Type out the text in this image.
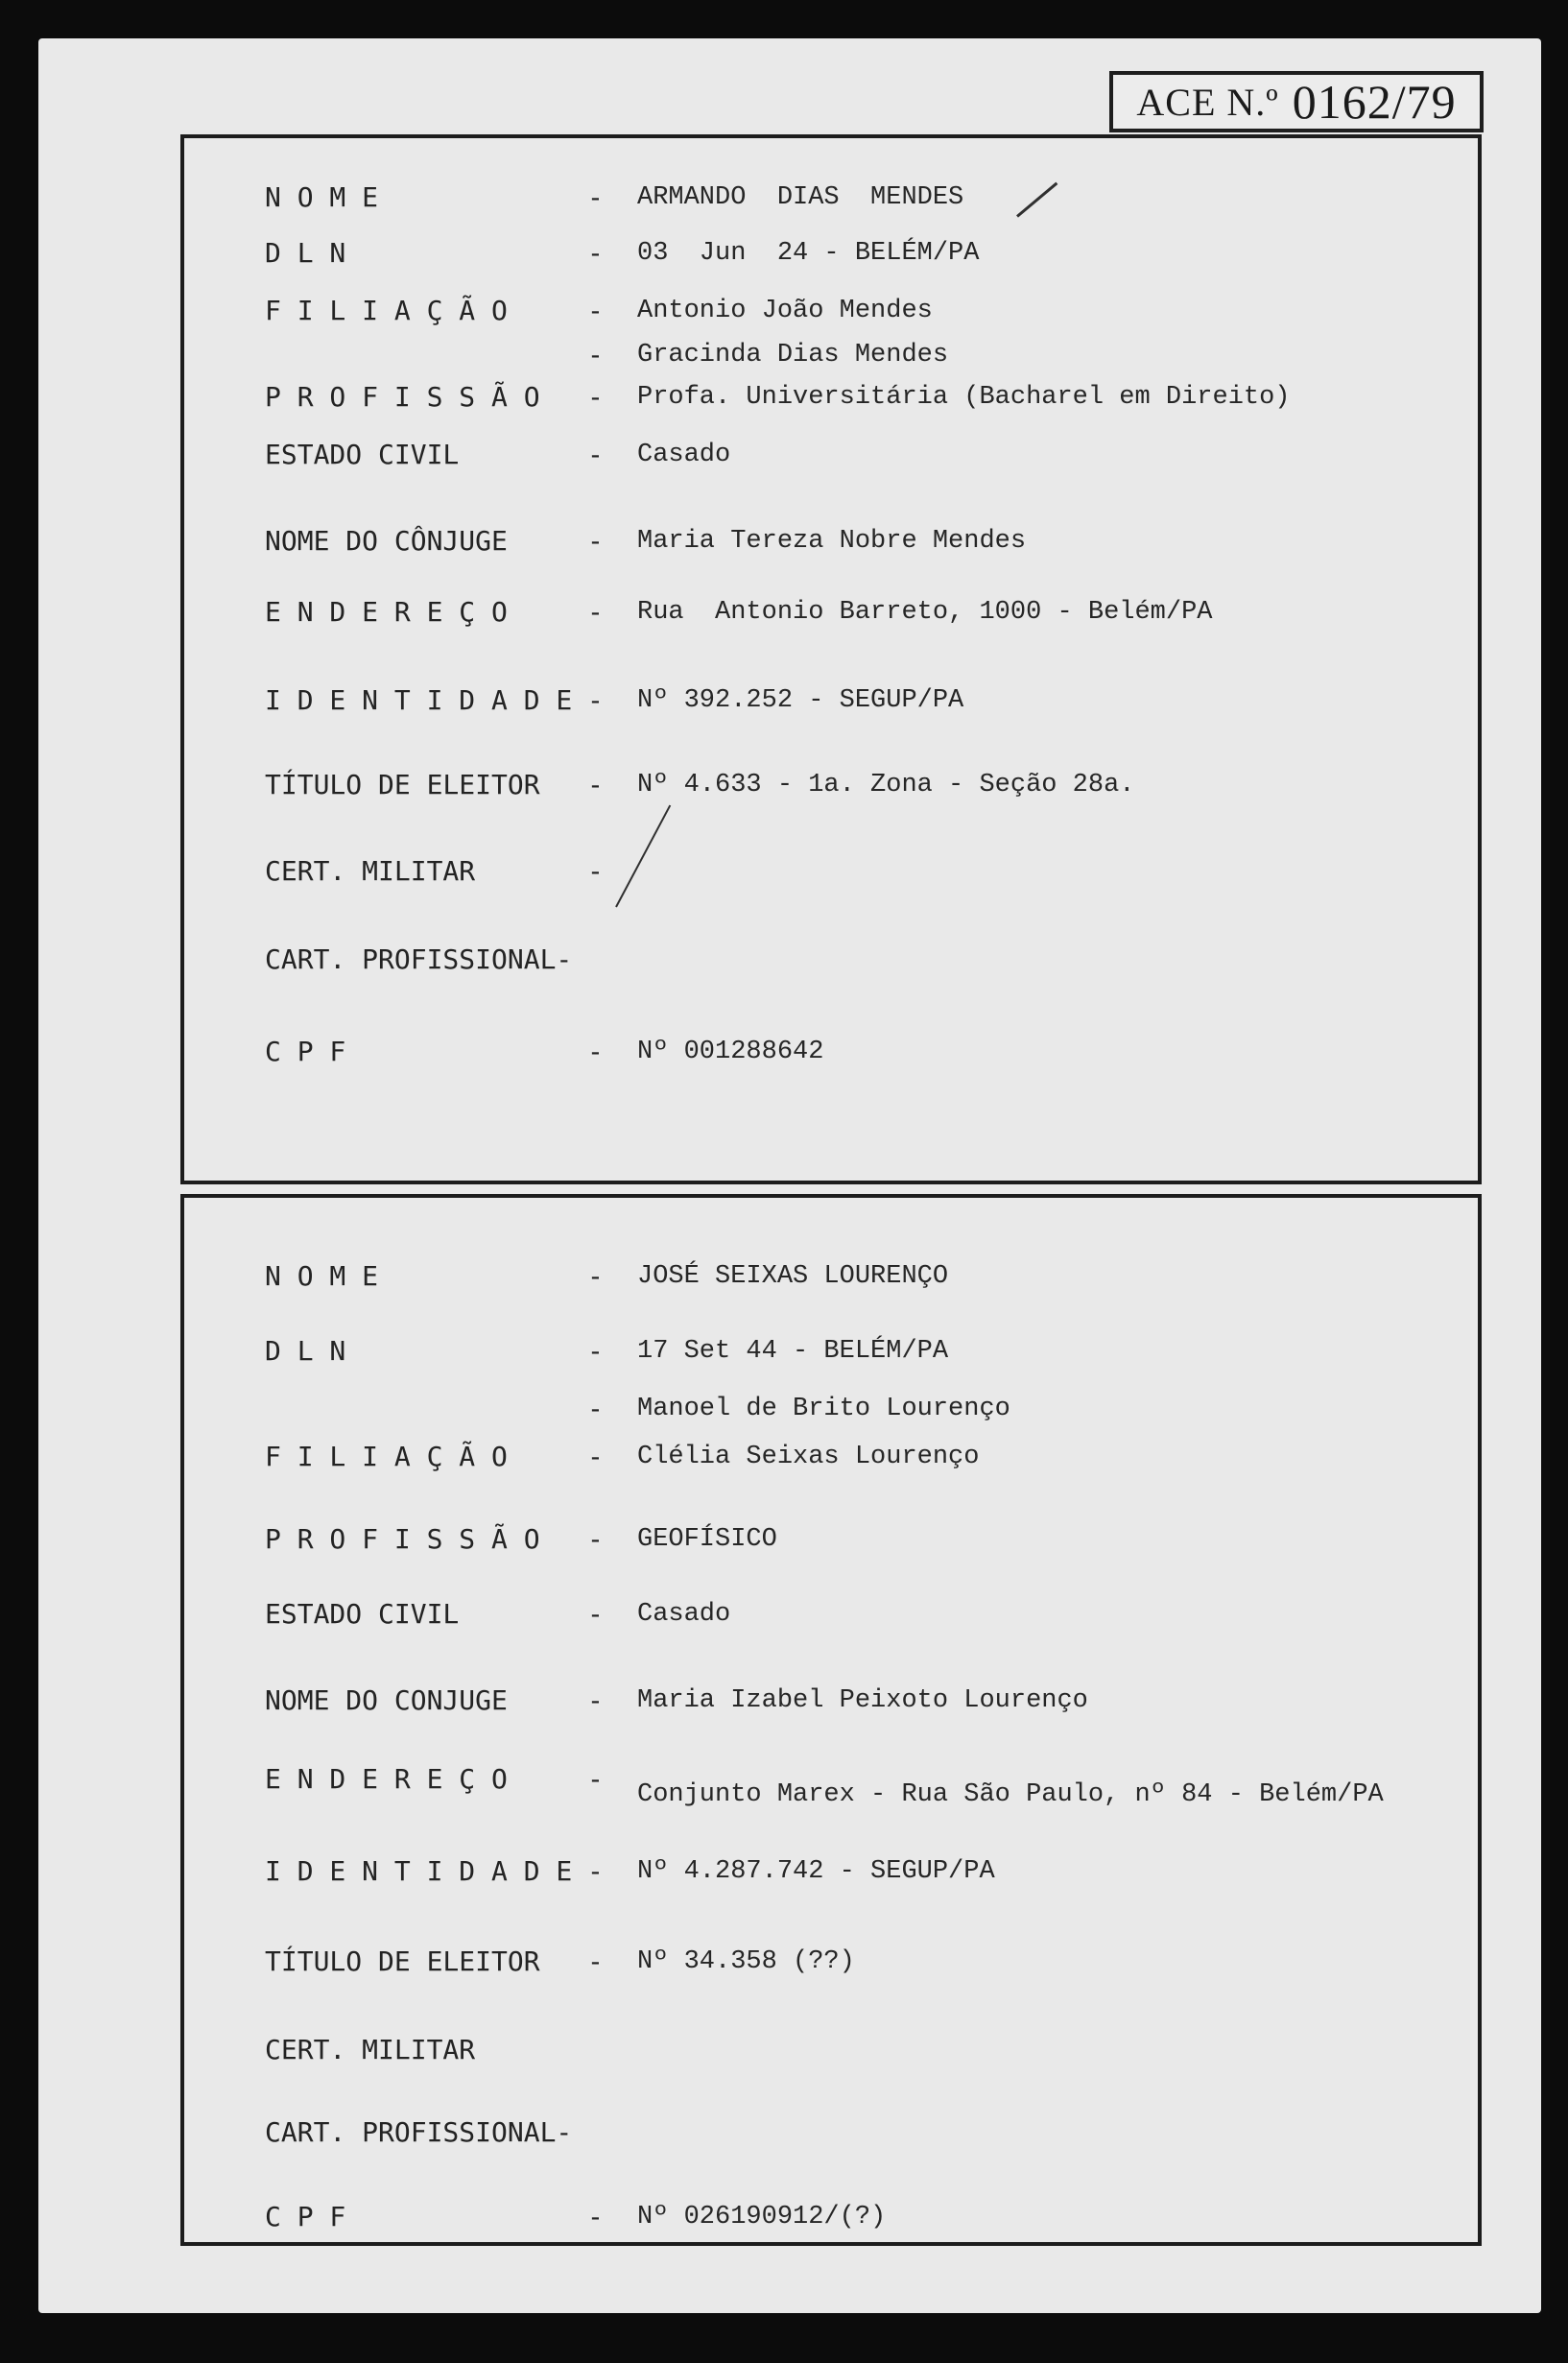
ACE N.º 0162/79
N O M E	- ARMANDO  DIAS  MENDES
D L N	- 03  Jun  24 - BELÉM/PA
F I L I A Ç Ã O	- Antonio João Mendes
- Gracinda Dias Mendes
P R O F I S S Ã O - Profa. Universitária (Bacharel em Direito)
ESTADO CIVIL	- Casado
NOME DO CÔNJUGE	- Maria Tereza Nobre Mendes
E N D E R E Ç O	- Rua  Antonio Barreto, 1000 - Belém/PA
I D E N T I D A D E - Nº 392.252 - SEGUP/PA
TÍTULO DE ELEITOR - Nº 4.633 - 1a. Zona - Seção 28a.
CERT. MILITAR	-
CART. PROFISSIONAL-
C P F	- Nº 001288642
N O M E	- JOSÉ SEIXAS LOURENÇO
D L N	- 17 Set 44 - BELÉM/PA
- Manoel de Brito Lourenço
F I L I A Ç Ã O	- Clélia Seixas Lourenço
P R O F I S S Ã O - GEOFÍSICO
ESTADO CIVIL	- Casado
NOME DO CONJUGE	- Maria Izabel Peixoto Lourenço
E N D E R E Ç O	- Conjunto Marex - Rua São Paulo, nº 84 - Belém/PA
I D E N T I D A D E - Nº 4.287.742 - SEGUP/PA
TÍTULO DE ELEITOR - Nº 34.358 (??)
CERT. MILITAR
CART. PROFISSIONAL-
C P F	- Nº 026190912/(?)
